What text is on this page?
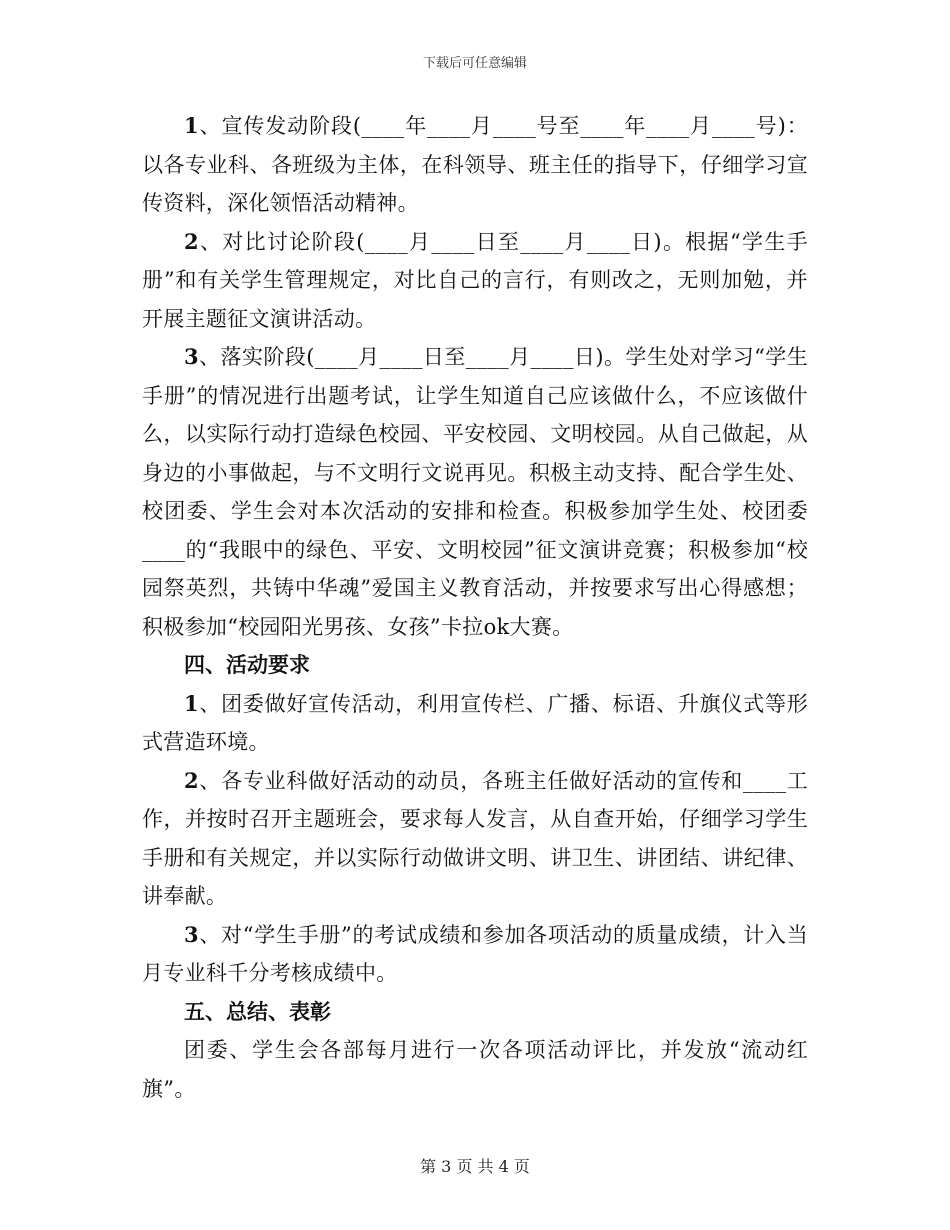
下载后可任意编辑

1、宣传发动阶段(____年____月____号至____年____月____号)：以各专业科、各班级为主体，在科领导、班主任的指导下，仔细学习宣传资料，深化领悟活动精神。

2、对比讨论阶段(____月____日至____月____日)。根据“学生手册”和有关学生管理规定，对比自己的言行，有则改之，无则加勉，并开展主题征文演讲活动。

3、落实阶段(____月____日至____月____日)。学生处对学习“学生手册”的情况进行出题考试，让学生知道自己应该做什么，不应该做什么，以实际行动打造绿色校园、平安校园、文明校园。从自己做起，从身边的小事做起，与不文明行文说再见。积极主动支持、配合学生处、校团委、学生会对本次活动的安排和检查。积极参加学生处、校团委____的“我眼中的绿色、平安、文明校园”征文演讲竞赛；积极参加“校园祭英烈，共铸中华魂”爱国主义教育活动，并按要求写出心得感想；积极参加“校园阳光男孩、女孩”卡拉ok大赛。

四、活动要求

1、团委做好宣传活动，利用宣传栏、广播、标语、升旗仪式等形式营造环境。

2、各专业科做好活动的动员，各班主任做好活动的宣传和____工作，并按时召开主题班会，要求每人发言，从自查开始，仔细学习学生手册和有关规定，并以实际行动做讲文明、讲卫生、讲团结、讲纪律、讲奉献。

3、对“学生手册”的考试成绩和参加各项活动的质量成绩，计入当月专业科千分考核成绩中。

五、总结、表彰

团委、学生会各部每月进行一次各项活动评比，并发放“流动红旗”。

第 3 页 共 4 页
